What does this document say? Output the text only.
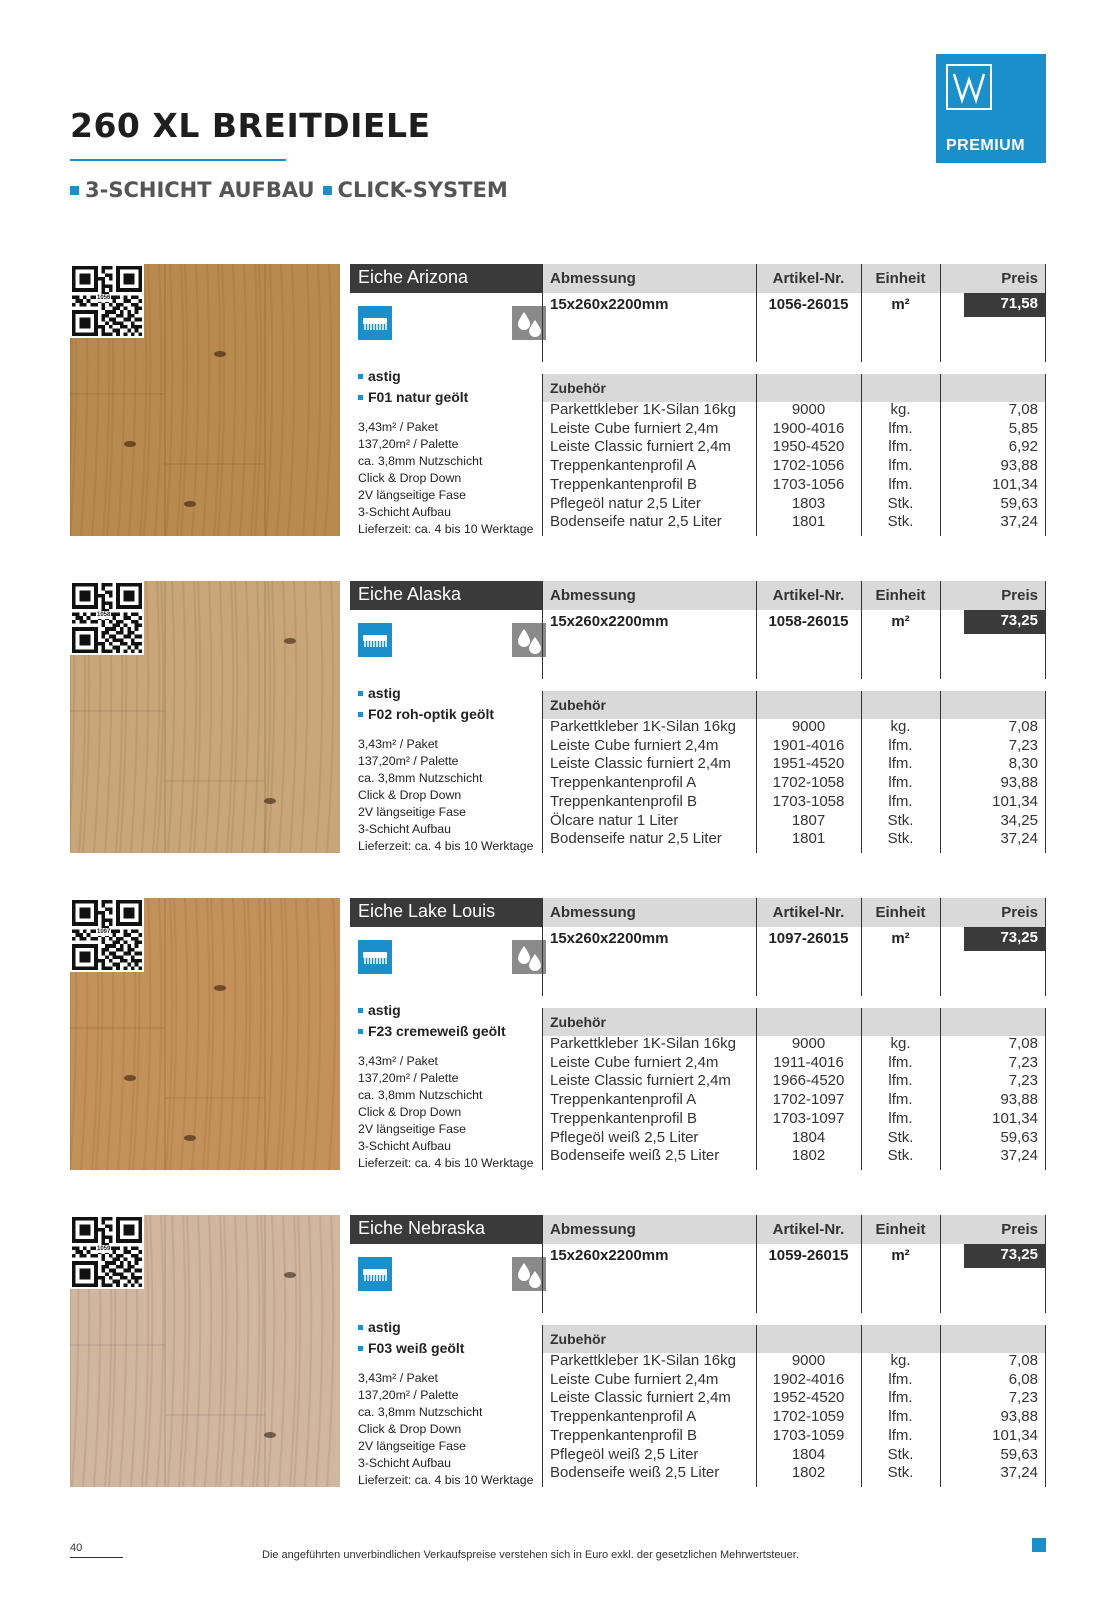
260 XL BREITDIELE
3-SCHICHT AUFBAU CLICK-SYSTEM
PREMIUM
1056
Eiche Arizona
astig
F01 natur geölt
3,43m² / Paket
137,20m² / Palette
ca. 3,8mm Nutzschicht
Click & Drop Down
2V längseitige Fase
3-Schicht Aufbau
Lieferzeit: ca. 4 bis 10 Werktage
Abmessung	Artikel-Nr.	Einheit	Preis
15x260x2200mm	1056-26015	m²	71,58
Zubehör
Parkettkleber 1K-Silan 16kg	9000	kg.	7,08
Leiste Cube furniert 2,4m	1900-4016	lfm.	5,85
Leiste Classic furniert 2,4m	1950-4520	lfm.	6,92
Treppenkantenprofil A	1702-1056	lfm.	93,88
Treppenkantenprofil B	1703-1056	lfm.	101,34
Pflegeöl natur 2,5 Liter	1803	Stk.	59,63
Bodenseife natur 2,5 Liter	1801	Stk.	37,24
1058
Eiche Alaska
astig
F02 roh-optik geölt
3,43m² / Paket
137,20m² / Palette
ca. 3,8mm Nutzschicht
Click & Drop Down
2V längseitige Fase
3-Schicht Aufbau
Lieferzeit: ca. 4 bis 10 Werktage
Abmessung	Artikel-Nr.	Einheit	Preis
15x260x2200mm	1058-26015	m²	73,25
Zubehör
Parkettkleber 1K-Silan 16kg	9000	kg.	7,08
Leiste Cube furniert 2,4m	1901-4016	lfm.	7,23
Leiste Classic furniert 2,4m	1951-4520	lfm.	8,30
Treppenkantenprofil A	1702-1058	lfm.	93,88
Treppenkantenprofil B	1703-1058	lfm.	101,34
Ölcare natur 1 Liter	1807	Stk.	34,25
Bodenseife natur 2,5 Liter	1801	Stk.	37,24
1097
Eiche Lake Louis
astig
F23 cremeweiß geölt
3,43m² / Paket
137,20m² / Palette
ca. 3,8mm Nutzschicht
Click & Drop Down
2V längseitige Fase
3-Schicht Aufbau
Lieferzeit: ca. 4 bis 10 Werktage
Abmessung	Artikel-Nr.	Einheit	Preis
15x260x2200mm	1097-26015	m²	73,25
Zubehör
Parkettkleber 1K-Silan 16kg	9000	kg.	7,08
Leiste Cube furniert 2,4m	1911-4016	lfm.	7,23
Leiste Classic furniert 2,4m	1966-4520	lfm.	7,23
Treppenkantenprofil A	1702-1097	lfm.	93,88
Treppenkantenprofil B	1703-1097	lfm.	101,34
Pflegeöl weiß 2,5 Liter	1804	Stk.	59,63
Bodenseife weiß 2,5 Liter	1802	Stk.	37,24
1059
Eiche Nebraska
astig
F03 weiß geölt
3,43m² / Paket
137,20m² / Palette
ca. 3,8mm Nutzschicht
Click & Drop Down
2V längseitige Fase
3-Schicht Aufbau
Lieferzeit: ca. 4 bis 10 Werktage
Abmessung	Artikel-Nr.	Einheit	Preis
15x260x2200mm	1059-26015	m²	73,25
Zubehör
Parkettkleber 1K-Silan 16kg	9000	kg.	7,08
Leiste Cube furniert 2,4m	1902-4016	lfm.	6,08
Leiste Classic furniert 2,4m	1952-4520	lfm.	7,23
Treppenkantenprofil A	1702-1059	lfm.	93,88
Treppenkantenprofil B	1703-1059	lfm.	101,34
Pflegeöl weiß 2,5 Liter	1804	Stk.	59,63
Bodenseife weiß 2,5 Liter	1802	Stk.	37,24
40
Die angeführten unverbindlichen Verkaufspreise verstehen sich in Euro exkl. der gesetzlichen Mehrwertsteuer.
